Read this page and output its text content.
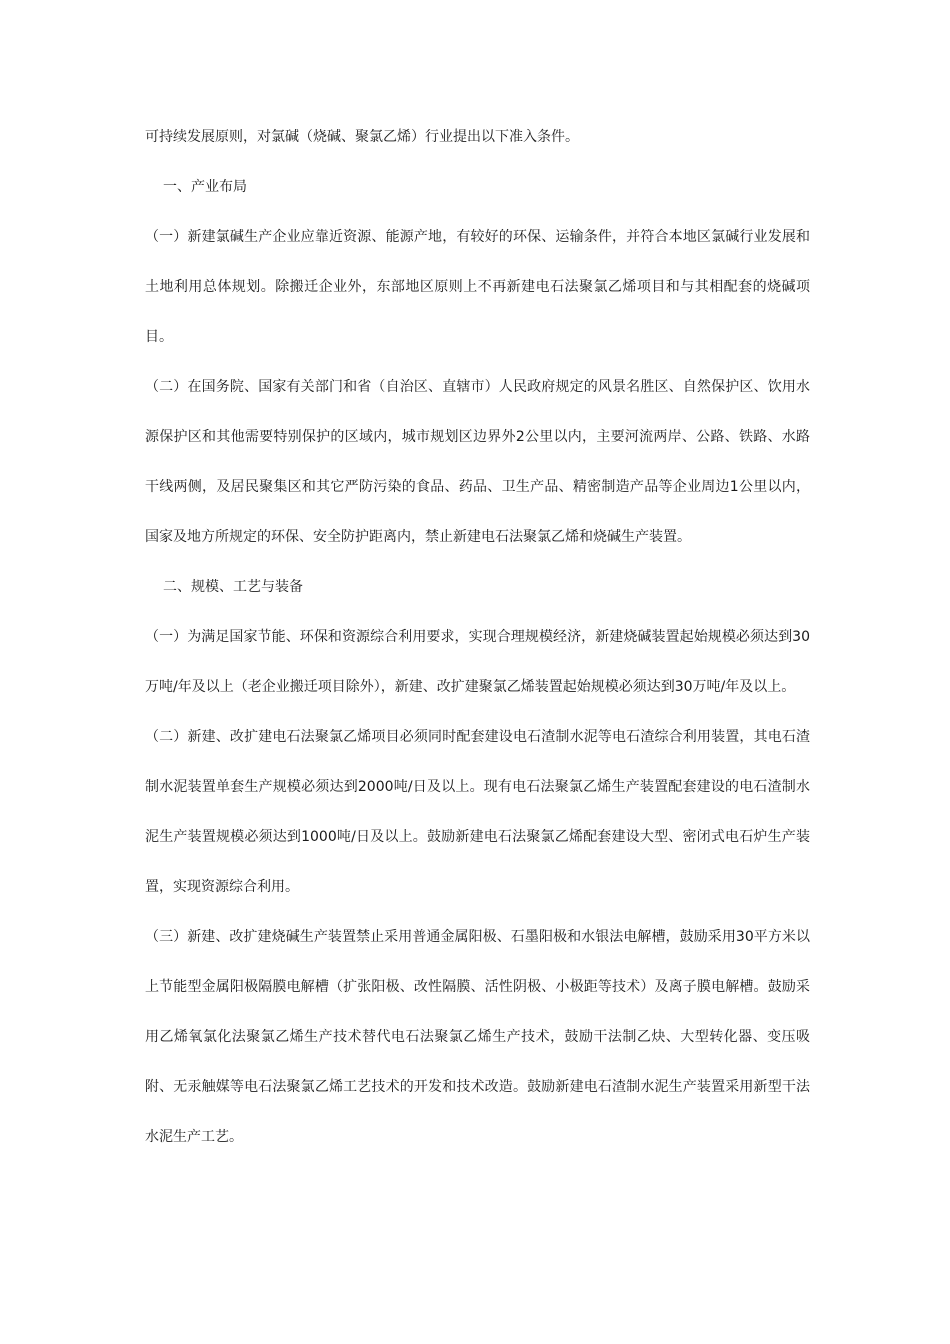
可持续发展原则，对氯碱（烧碱、聚氯乙烯）行业提出以下准入条件。

一、产业布局

（一）新建氯碱生产企业应靠近资源、能源产地，有较好的环保、运输条件，并符合本地区氯碱行业发展和土地利用总体规划。除搬迁企业外，东部地区原则上不再新建电石法聚氯乙烯项目和与其相配套的烧碱项目。

（二）在国务院、国家有关部门和省（自治区、直辖市）人民政府规定的风景名胜区、自然保护区、饮用水源保护区和其他需要特别保护的区域内，城市规划区边界外2公里以内，主要河流两岸、公路、铁路、水路干线两侧，及居民聚集区和其它严防污染的食品、药品、卫生产品、精密制造产品等企业周边1公里以内，国家及地方所规定的环保、安全防护距离内，禁止新建电石法聚氯乙烯和烧碱生产装置。

二、规模、工艺与装备

（一）为满足国家节能、环保和资源综合利用要求，实现合理规模经济，新建烧碱装置起始规模必须达到30万吨/年及以上（老企业搬迁项目除外），新建、改扩建聚氯乙烯装置起始规模必须达到30万吨/年及以上。

（二）新建、改扩建电石法聚氯乙烯项目必须同时配套建设电石渣制水泥等电石渣综合利用装置，其电石渣制水泥装置单套生产规模必须达到2000吨/日及以上。现有电石法聚氯乙烯生产装置配套建设的电石渣制水泥生产装置规模必须达到1000吨/日及以上。鼓励新建电石法聚氯乙烯配套建设大型、密闭式电石炉生产装置，实现资源综合利用。

（三）新建、改扩建烧碱生产装置禁止采用普通金属阳极、石墨阳极和水银法电解槽，鼓励采用30平方米以上节能型金属阳极隔膜电解槽（扩张阳极、改性隔膜、活性阴极、小极距等技术）及离子膜电解槽。鼓励采用乙烯氧氯化法聚氯乙烯生产技术替代电石法聚氯乙烯生产技术，鼓励干法制乙炔、大型转化器、变压吸附、无汞触媒等电石法聚氯乙烯工艺技术的开发和技术改造。鼓励新建电石渣制水泥生产装置采用新型干法水泥生产工艺。
